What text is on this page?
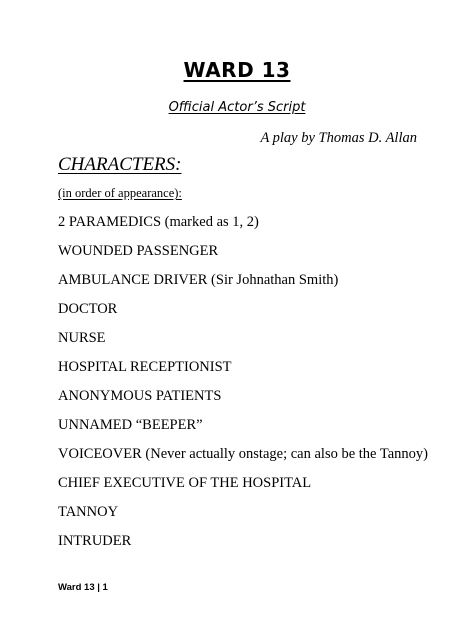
WARD 13
Official Actor’s Script
A play by Thomas D. Allan
CHARACTERS:
(in order of appearance):
2 PARAMEDICS (marked as 1, 2)
WOUNDED PASSENGER
AMBULANCE DRIVER (Sir Johnathan Smith)
DOCTOR
NURSE
HOSPITAL RECEPTIONIST
ANONYMOUS PATIENTS
UNNAMED “BEEPER”
VOICEOVER (Never actually onstage; can also be the Tannoy)
CHIEF EXECUTIVE OF THE HOSPITAL
TANNOY
INTRUDER
Ward 13 | 1
